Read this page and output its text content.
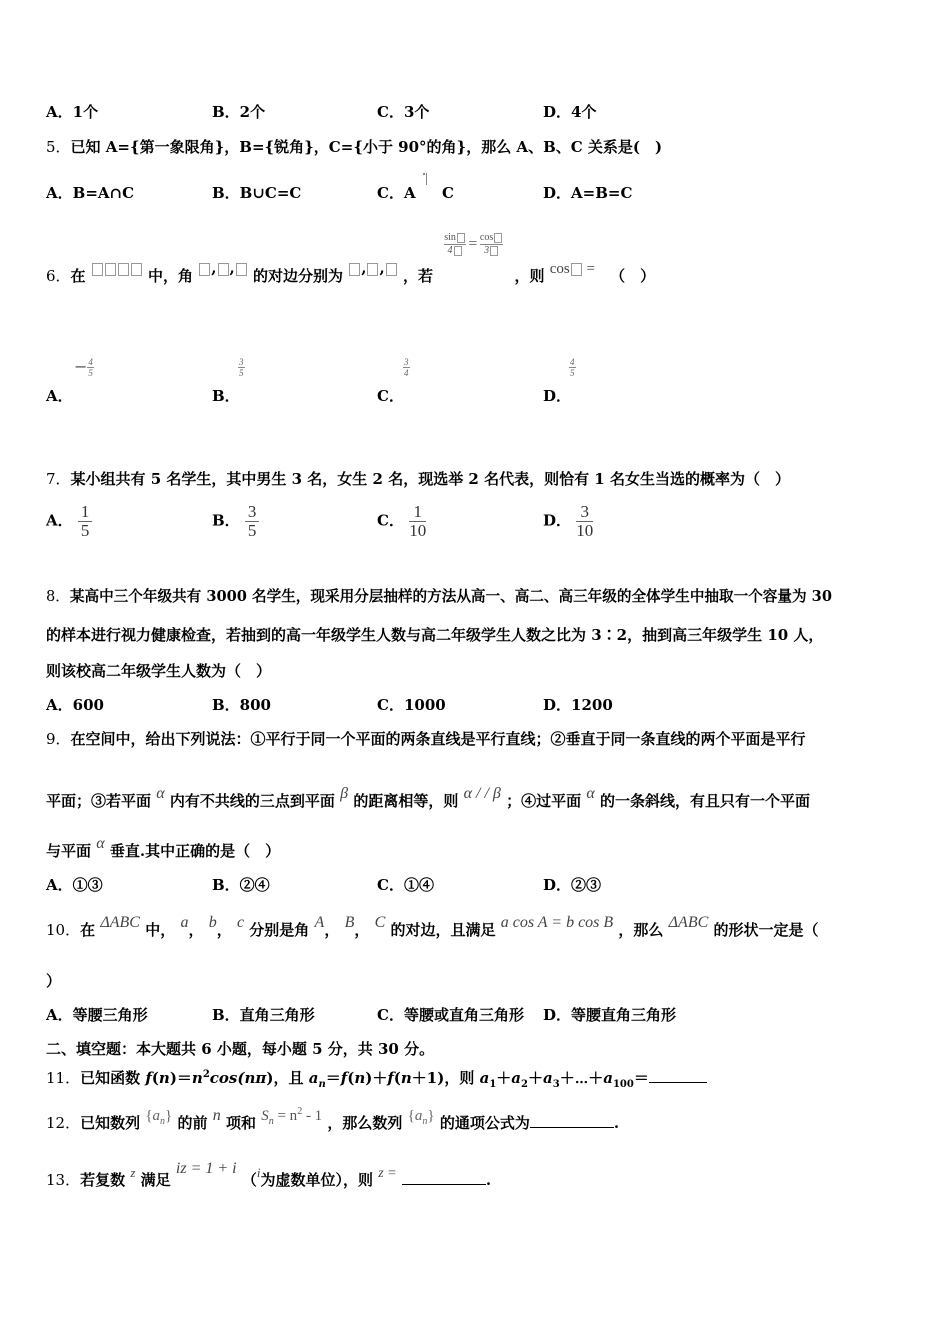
A．1个	B．2个	C．3个	D．4个
5．已知 A={第一象限角}，B={锐角}，C={小于 90°的角}，那么 A、B、C 关系是(　)
A．B=A∩C	B．B∪C=C	C．A C	D．A=B=C
6．在	中，角 , , 的对边分别为 , , ，若
$\frac{\sin}{4} = \frac{\cos}{3}$
，则 cos = （　）
A．
− $\frac{4}{5}$
B．
$\frac{3}{5}$
C．
$\frac{3}{4}$
D．
$\frac{4}{5}$
7．某小组共有 5 名学生，其中男生 3 名，女生 2 名，现选举 2 名代表，则恰有 1 名女生当选的概率为（　）
A． $\frac{1}{5}$	B． $\frac{3}{5}$	C． $\frac{1}{10}$	D． $\frac{3}{10}$
8．某高中三个年级共有 3000 名学生，现采用分层抽样的方法从高一、高二、高三年级的全体学生中抽取一个容量为 30
的样本进行视力健康检查，若抽到的高一年级学生人数与高二年级学生人数之比为 3∶2，抽到高三年级学生 10 人，
则该校高二年级学生人数为（　）
A．600	B．800	C．1000	D．1200
9．在空间中，给出下列说法：①平行于同一个平面的两条直线是平行直线；②垂直于同一条直线的两个平面是平行
平面；③若平面 α 内有不共线的三点到平面 β 的距离相等，则 α / / β ；④过平面 α 的一条斜线，有且只有一个平面
与平面 α 垂直.其中正确的是（　）
A．①③	B．②④	C．①④	D．②③
10．在 ΔABC 中， a， b， c 分别是角 A， B， C 的对边，且满足 a cos A = b cos B ，那么 ΔABC 的形状一定是（
）
A．等腰三角形	B．直角三角形	C．等腰或直角三角形 D．等腰直角三角形
二、填空题：本大题共 6 小题，每小题 5 分，共 30 分。
11．已知函数 $f(n)=n^2\cos(n\pi)$，且 $a_n=f(n)+f(n+1)$，则 $a_1+a_2+a_3+\cdots+a_{100}=$
12．已知数列 $\{a_n\}$ 的前 n 项和 $S_n = n^2 - 1$ ，那么数列 $\{a_n\}$ 的通项公式为	.
13．若复数 z 满足 iz = 1 + i （i为虚数单位），则 z =	.
